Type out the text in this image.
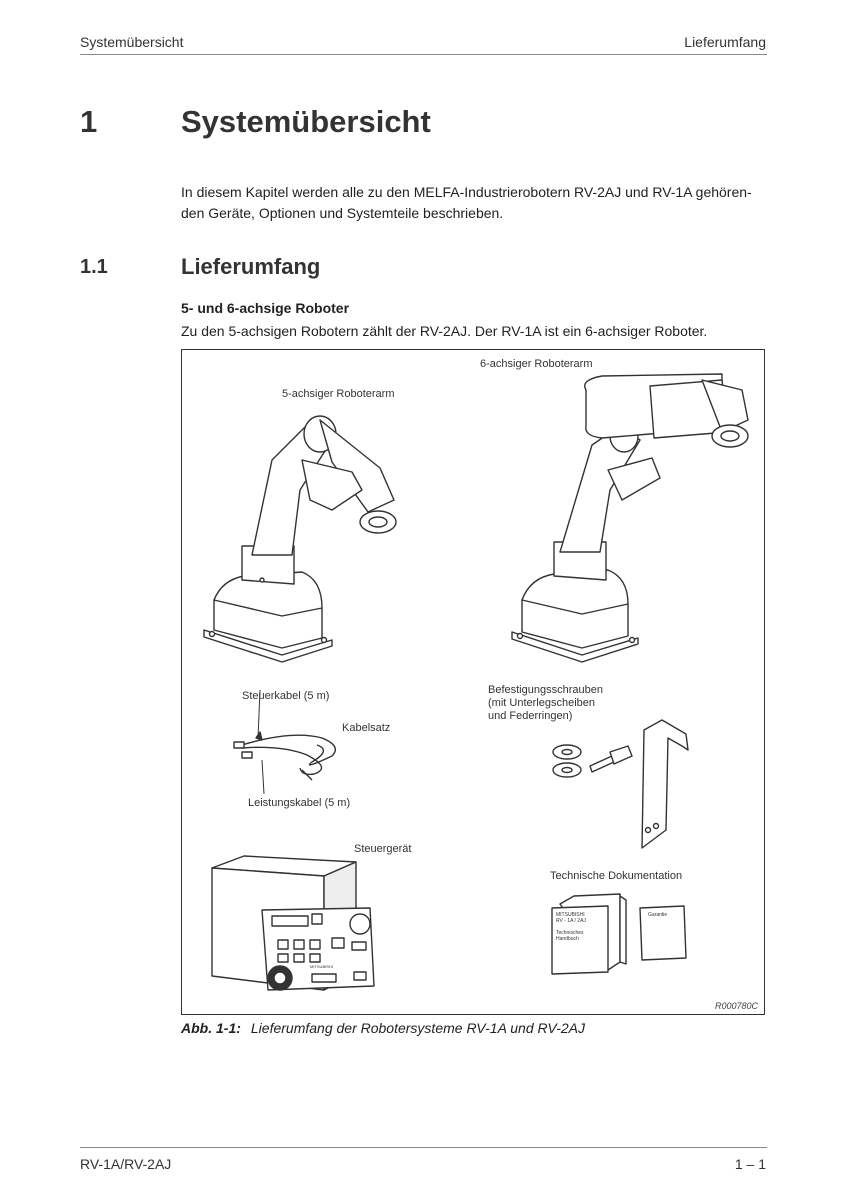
Systemübersicht	Lieferumfang
1	Systemübersicht
In diesem Kapitel werden alle zu den MELFA-Industrierobotern RV-2AJ und RV-1A gehören-
den Geräte, Optionen und Systemteile beschrieben.
1.1	Lieferumfang
5- und 6-achsige Roboter
Zu den 5-achsigen Robotern zählt der RV-2AJ. Der RV-1A ist ein 6-achsiger Roboter.
6-achsiger Roboterarm
5-achsiger Roboterarm
Steuerkabel (5 m)
Kabelsatz
Leistungskabel (5 m)
Befestigungsschrauben
(mit Unterlegscheiben
und Federringen)
Steuergerät
Technische Dokumentation
MITSUBISHI
RV - 1A / 2AJ
Technisches
Handbuch
Garantie
MITSUBISHI
R000780C
Abb. 1-1: Lieferumfang der Robotersysteme RV-1A und RV-2AJ
RV-1A/RV-2AJ	1 – 1
